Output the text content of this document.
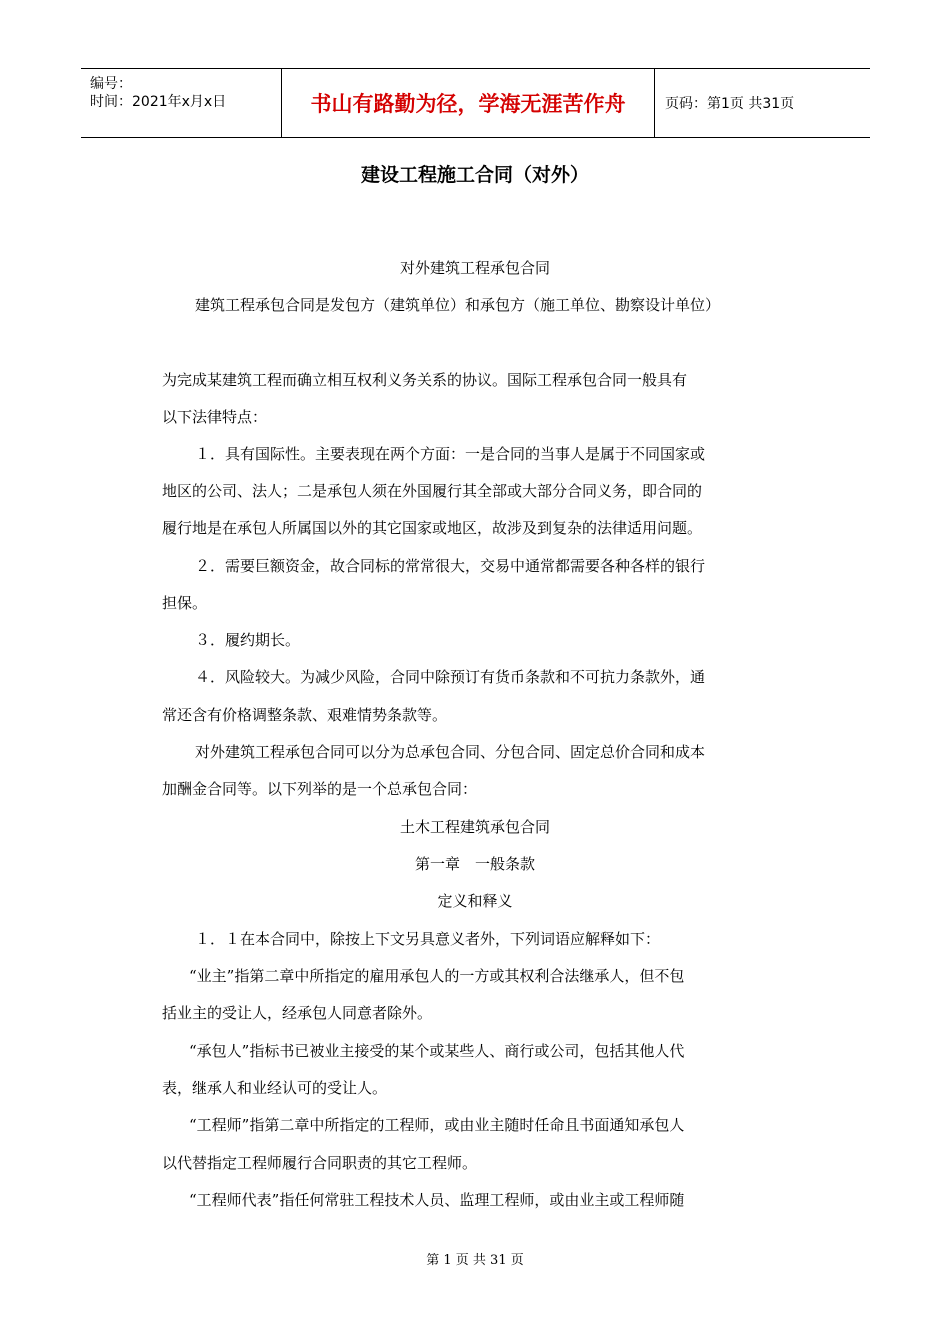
编号：
时间：2021年x月x日	书山有路勤为径，学海无涯苦作舟	页码：第1页 共31页
建设工程施工合同（对外）
对外建筑工程承包合同
建筑工程承包合同是发包方（建筑单位）和承包方（施工单位、勘察设计单位）
为完成某建筑工程而确立相互权利义务关系的协议。国际工程承包合同一般具有
以下法律特点：
１．具有国际性。主要表现在两个方面：一是合同的当事人是属于不同国家或
地区的公司、法人；二是承包人须在外国履行其全部或大部分合同义务，即合同的
履行地是在承包人所属国以外的其它国家或地区，故涉及到复杂的法律适用问题。
２．需要巨额资金，故合同标的常常很大，交易中通常都需要各种各样的银行
担保。
３．履约期长。
４．风险较大。为减少风险，合同中除预订有货币条款和不可抗力条款外，通
常还含有价格调整条款、艰难情势条款等。
对外建筑工程承包合同可以分为总承包合同、分包合同、固定总价合同和成本
加酬金合同等。以下列举的是一个总承包合同：
土木工程建筑承包合同
第一章　一般条款
定义和释义
１．１在本合同中，除按上下文另具意义者外，下列词语应解释如下：
“业主”指第二章中所指定的雇用承包人的一方或其权利合法继承人，但不包
括业主的受让人，经承包人同意者除外。
“承包人”指标书已被业主接受的某个或某些人、商行或公司，包括其他人代
表，继承人和业经认可的受让人。
“工程师”指第二章中所指定的工程师，或由业主随时任命且书面通知承包人
以代替指定工程师履行合同职责的其它工程师。
“工程师代表”指任何常驻工程技术人员、监理工程师，或由业主或工程师随
第 1 页 共 31 页
